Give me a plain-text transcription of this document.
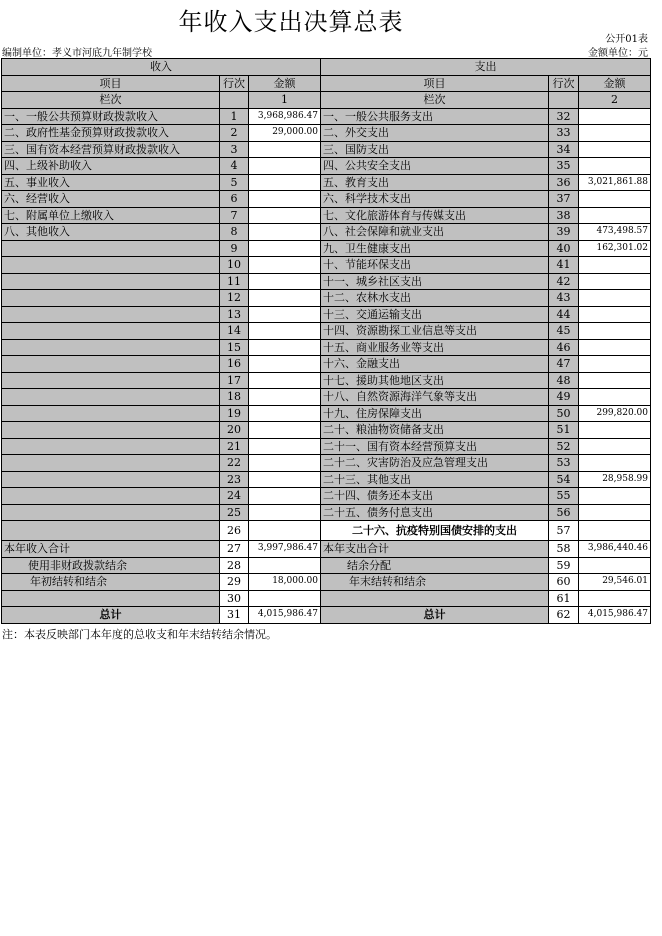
年收入支出决算总表
公开01表
编制单位：孝义市河底九年制学校	金额单位：元
收入			支出		
项目	行次	金额	项目	行次	金额
栏次		1	栏次		2
一、一般公共预算财政拨款收入	1	3,968,986.47	一、一般公共服务支出	32	
二、政府性基金预算财政拨款收入	2	29,000.00	二、外交支出	33	
三、国有资本经营预算财政拨款收入	3		三、国防支出	34	
四、上级补助收入	4		四、公共安全支出	35	
五、事业收入	5		五、教育支出	36	3,021,861.88
六、经营收入	6		六、科学技术支出	37	
七、附属单位上缴收入	7		七、文化旅游体育与传媒支出	38	
八、其他收入	8		八、社会保障和就业支出	39	473,498.57
	9		九、卫生健康支出	40	162,301.02
	10		十、节能环保支出	41	
	11		十一、城乡社区支出	42	
	12		十二、农林水支出	43	
	13		十三、交通运输支出	44	
	14		十四、资源勘探工业信息等支出	45	
	15		十五、商业服务业等支出	46	
	16		十六、金融支出	47	
	17		十七、援助其他地区支出	48	
	18		十八、自然资源海洋气象等支出	49	
	19		十九、住房保障支出	50	299,820.00
	20		二十、粮油物资储备支出	51	
	21		二十一、国有资本经营预算支出	52	
	22		二十二、灾害防治及应急管理支出	53	
	23		二十三、其他支出	54	28,958.99
	24		二十四、债务还本支出	55	
	25		二十五、债务付息支出	56	
	26		二十六、抗疫特别国债安排的支出	57	
本年收入合计	27	3,997,986.47	本年支出合计	58	3,986,440.46
使用非财政拨款结余	28		结余分配	59	
年初结转和结余	29	18,000.00	年末结转和结余	60	29,546.01
	30			61	
总计	31	4,015,986.47	总计	62	4,015,986.47
注：本表反映部门本年度的总收支和年末结转结余情况。
